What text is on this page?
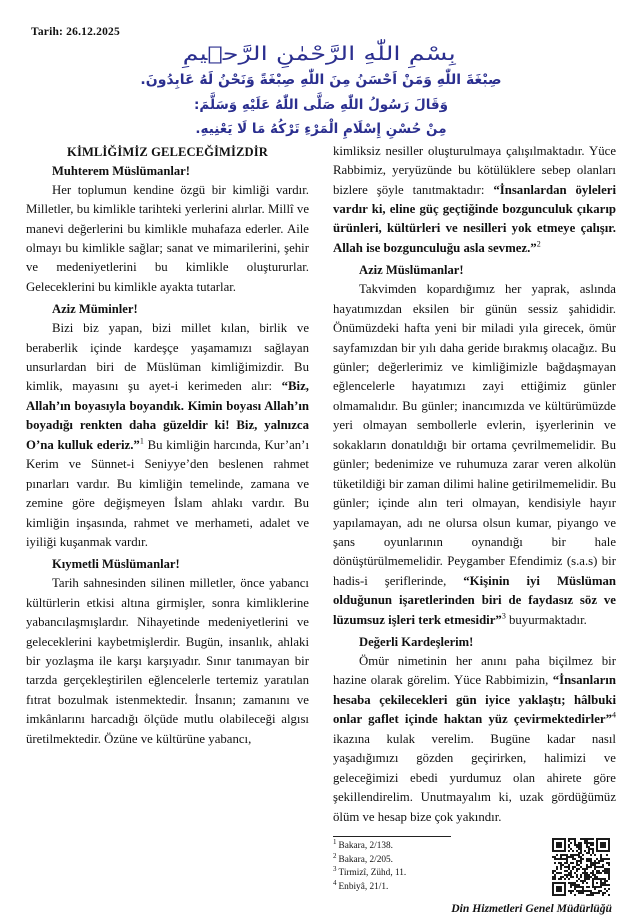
Tarih: 26.12.2025
بِسْمِ اللّٰهِ الرَّحْمٰنِ الرَّح۪يمِ
صِبْغَةَ اللّٰهِ وَمَنْ اَحْسَنُ مِنَ اللّٰهِ صِبْغَةً وَنَحْنُ لَهُ عَابِدُونَ.
وَقَالَ رَسُولُ اللّٰهِ صَلَّى اللّٰهُ عَلَيْهِ وَسَلَّمَ:
مِنْ حُسْنِ إِسْلَامِ الْمَرْءِ تَرْكُهُ مَا لَا يَعْنِيهِ.
KİMLİĞİMİZ GELECEĞİMİZDİR
Muhterem Müslümanlar!

Her toplumun kendine özgü bir kimliği vardır. Milletler, bu kimlikle tarihteki yerlerini alırlar. Millî ve manevi değerlerini bu kimlikle muhafaza ederler. Aile olmayı bu kimlikle sağlar; sanat ve mimarilerini, şehir ve medeniyetlerini bu kimlikle oluştururlar. Geleceklerini bu kimlikle ayakta tutarlar.

Aziz Müminler!

Bizi biz yapan, bizi millet kılan, birlik ve beraberlik içinde kardeşçe yaşamamızı sağlayan unsurlardan biri de Müslüman kimliğimizdir. Bu kimlik, mayasını şu ayet-i kerimeden alır: “Biz, Allah’ın boyasıyla boyandık. Kimin boyası Allah’ın boyadığı renkten daha güzeldir ki! Biz, yalnızca O’na kulluk ederiz.”$^1$ Bu kimliğin harcında, Kur’an’ı Kerim ve Sünnet-i Seniyye’den beslenen rahmet pınarları vardır. Bu kimliğin temelinde, zamana ve zemine göre değişmeyen İslam ahlakı vardır. Bu kimliğin inşasında, rahmet ve merhameti, adalet ve iyiliği kuşanmak vardır.

Kıymetli Müslümanlar!

Tarih sahnesinden silinen milletler, önce yabancı kültürlerin etkisi altına girmişler, sonra kimliklerine yabancılaşmışlardır. Nihayetinde medeniyetlerini ve geleceklerini kaybetmişlerdir. Bugün, insanlık, ahlaki bir yozlaşma ile karşı karşıyadır. Sınır tanımayan bir tarzda gerçekleştirilen eğlencelerle tertemiz yaratılan fıtrat bozulmak istenmektedir. İnsanın; zamanını ve imkânlarını harcadığı ölçüde mutlu olabileceği algısı üretilmektedir. Özüne ve kültürüne yabancı,

kimliksiz nesiller oluşturulmaya çalışılmaktadır. Yüce Rabbimiz, yeryüzünde bu kötülüklere sebep olanları bizlere şöyle tanıtmaktadır: “İnsanlardan öyleleri vardır ki, eline güç geçtiğinde bozgunculuk çıkarıp ürünleri, kültürleri ve nesilleri yok etmeye çalışır. Allah ise bozgunculuğu asla sevmez.”$^2$

Aziz Müslümanlar!

Takvimden kopardığımız her yaprak, aslında hayatımızdan eksilen bir günün sessiz şahididir. Önümüzdeki hafta yeni bir miladi yıla girecek, ömür sayfamızdan bir yılı daha geride bırakmış olacağız. Bu günler; değerlerimiz ve kimliğimizle bağdaşmayan eğlencelerle hayatımızı zayi ettiğimiz günler olmamalıdır. Bu günler; inancımızda ve kültürümüzde yeri olmayan sembollerle evlerin, işyerlerinin ve sokakların donatıldığı bir ortama çevrilmemelidir. Bu günler; bedenimize ve ruhumuza zarar veren alkolün tüketildiği bir zaman dilimi haline getirilmemelidir. Bu günler; içinde alın teri olmayan, kendisiyle hayır yapılamayan, adı ne olursa olsun kumar, piyango ve şans oyunlarının oynandığı bir hale dönüştürülmemelidir. Peygamber Efendimiz (s.a.s) bir hadis-i şeriflerinde, “Kişinin iyi Müslüman olduğunun işaretlerinden biri de faydasız söz ve lüzumsuz işleri terk etmesidir”$^3$ buyurmaktadır.

Değerli Kardeşlerim!

Ömür nimetinin her anını paha biçilmez bir hazine olarak görelim. Yüce Rabbimizin, “İnsanların hesaba çekilecekleri gün iyice yaklaştı; hâlbuki onlar gaflet içinde haktan yüz çevirmektedirler”$^4$ ikazına kulak verelim. Bugüne kadar nasıl yaşadığımızı gözden geçirirken, halimizi ve geleceğimizi ebedi yurdumuz olan ahirete göre şekillendirelim. Unutmayalım ki, uzak gördüğümüz ölüm ve hesap bize çok yakındır.

$^1$ Bakara, 2/138.

$^2$ Bakara, 2/205.

$^3$ Tirmizî, Zühd, 11.

$^4$ Enbiyâ, 21/1.

Din Hizmetleri Genel Müdürlüğü
